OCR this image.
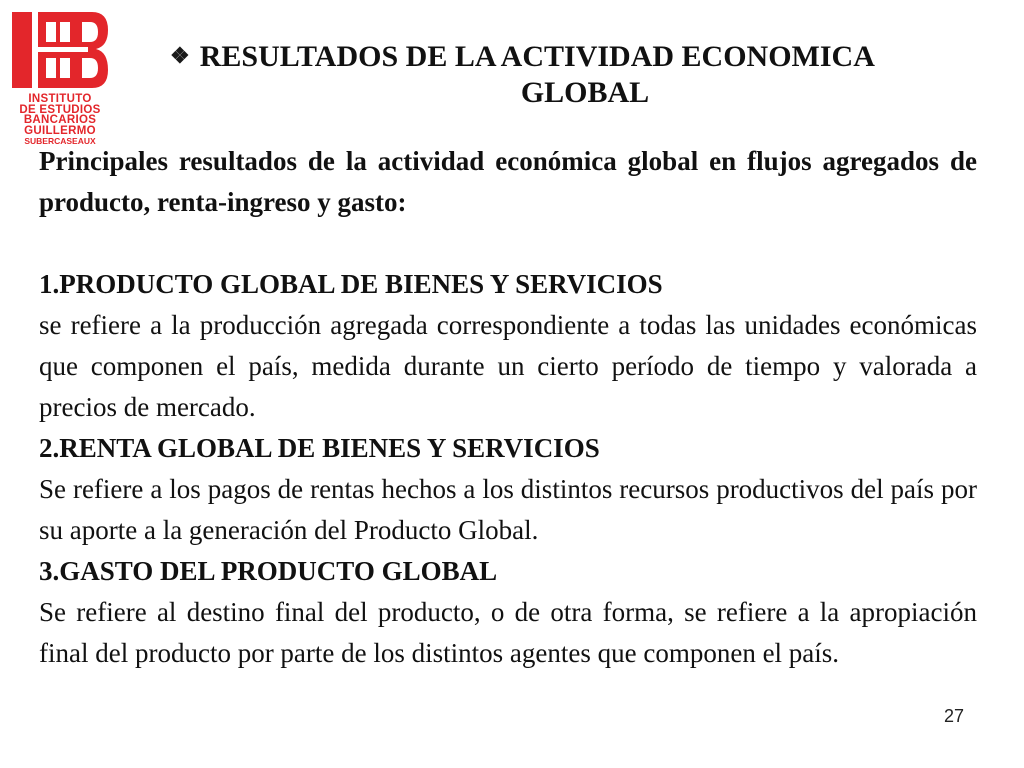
INSTITUTO
DE ESTUDIOS
BANCARIOS
GUILLERMO
SUBERCASEAUX
❖ RESULTADOS DE LA ACTIVIDAD ECONOMICA
GLOBAL

Principales resultados de la actividad económica global en flujos agregados de producto, renta-ingreso y gasto:

1.PRODUCTO GLOBAL DE BIENES Y SERVICIOS

se refiere a la producción agregada correspondiente a todas las unidades económicas que componen el país, medida durante un cierto período de tiempo y valorada a precios de mercado.

2.RENTA GLOBAL DE BIENES Y SERVICIOS

Se refiere a los pagos de rentas hechos a los distintos recursos productivos del país por su aporte a la generación del Producto Global.

3.GASTO DEL PRODUCTO GLOBAL

Se refiere al destino final del producto, o de otra forma, se refiere a la apropiación final del producto por parte de los distintos agentes que componen el país.

27
